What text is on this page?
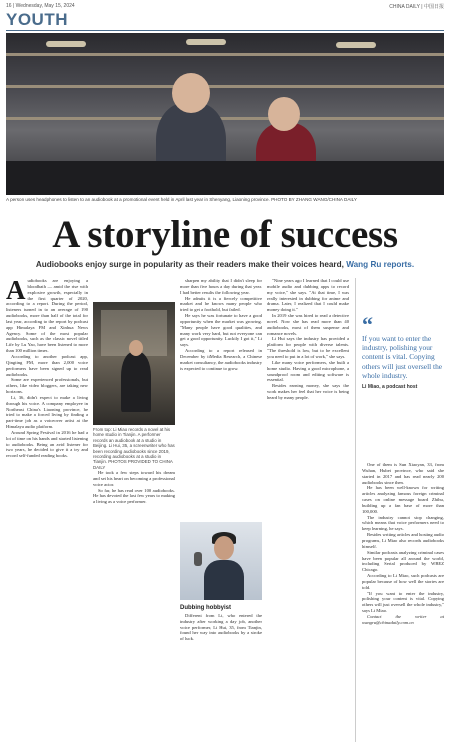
16 | Wednesday, May 15, 2024	CHINA DAILY | 中国日报
YOUTH
A person uses headphones to listen to an audiobook at a promotional event held in April last year in Shenyang, Liaoning province. PHOTO BY ZHANG WANG/CHINA DAILY
A storyline of success
Audiobooks enjoy surge in popularity as their readers make their voices heard, Wang Ru reports.
A udiobooks are enjoying a bloodbath — amid the rise with explosive growth, especially in the first quarter of 2020, according to a report. During the period, listeners turned in to an average of 190 audiobooks, more than half of the total for last year, according to the report by podcast app Himalaya FM and Xinhua News Agency. Some of the most popular audiobooks, such as the classic novel titled Life by Lu Yao, have been listened to more than 100 million times.

According to another podcast app, Qingting FM, more than 2,000 voice performers have been signed up to read audiobooks.

Some are experienced professionals, but others, like video bloggers, are taking new horizons.

Li, 36, didn't expect to make a living through his voice. A company employee in Northeast China's Liaoning province, he tried to make a forced living by finding a part-time job as a voiceover artist at the Himalaya audio platform.

Around Spring Festival in 2016 he had a lot of time on his hands and started listening to audiobooks. Being an avid listener for two years, he decided to give it a try and record self-funded reading books.

From top: Li Miao records a novel at his home studio in Tianjin. A performer records an audiobook at a studio in Beijing. Li Hui, 35, a screenwriter who has been recording audiobooks since 2019, recording audiobooks at a studio in Tianjin. PHOTOS PROVIDED TO CHINA DAILY

He took a few steps toward his dream and set his heart on becoming a professional voice actor.

So far, he has read over 100 audiobooks. He has devoted the last few years to making a living as a voice performer.

sharpen my ability that I didn't sleep for more than five hours a day during that year. I had better results the following year.

He admits it is a fiercely competitive market and he knows many people who tried to get a foothold, but failed.

He says he was fortunate to have a good opportunity when the market was growing. "Many people have good qualities, and many work very hard, but not everyone can get a good opportunity. Luckily I got it," Li says.

According to a report released in December by iiMedia Research, a Chinese market consultancy, the audiobooks industry is expected to continue to grow.

Dubbing hobbyist

Different from Li, who entered the industry after working a day job, another voice performer, Li Hui, 35, from Tianjin, found her way into audiobooks by a stroke of luck.

"Nine years ago I learned that I could use mobile audio and dubbing apps to record my voice," she says. "At that time, I was really interested in dubbing for anime and drama. Later, I realized that I could make money doing it."

In 2019 she was hired to read a detective novel. Now she has read more than 40 audiobooks, most of them suspense and romance novels.

Li Hui says the industry has provided a platform for people with diverse talents. "The threshold is low, but to be excellent you need to put in a lot of work," she says.

Like many voice performers, she built a home studio. Having a good microphone, a soundproof room and editing software is essential.

Besides earning money, she says the work makes her feel that her voice is being heard by many people.

“
If you want to enter the industry, polishing your content is vital. Copying others will just oversell the whole industry.
Li Miao, a podcast host

One of them is Sun Xiaoyan, 33, from Wuhan, Hubei province, who said she started in 2017 and has read nearly 200 audiobooks since then.

He has been well-known for writing articles analyzing famous foreign criminal cases on online message board Zhihu, building up a fan base of more than 100,000.

The industry cannot stop changing, which means that voice performers need to keep learning, he says.

Besides writing articles and hosting audio programs, Li Miao also records audiobooks himself.

Similar podcasts analyzing criminal cases have been popular all around the world, including Serial produced by WBEZ Chicago.

According to Li Miao, such podcasts are popular because of how well the stories are told.

"If you want to enter the industry, polishing your content is vital. Copying others will just oversell the whole industry," says Li Miao.

Contact the writer at wangru@chinadaily.com.cn
